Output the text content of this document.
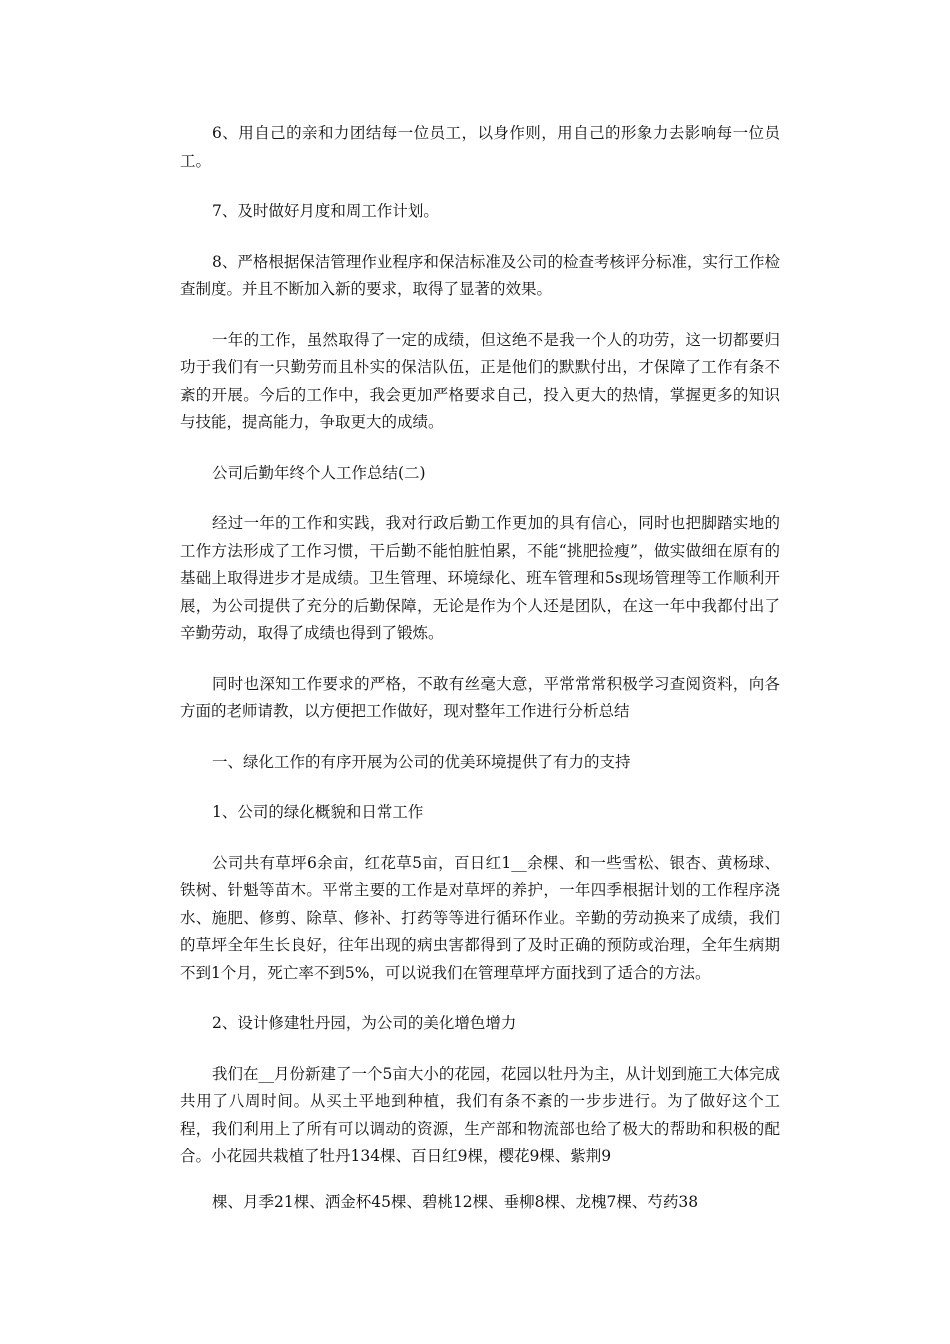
6、用自己的亲和力团结每一位员工，以身作则，用自己的形象力去影响每一位员工。

7、及时做好月度和周工作计划。

8、严格根据保洁管理作业程序和保洁标准及公司的检查考核评分标准，实行工作检查制度。并且不断加入新的要求，取得了显著的效果。

一年的工作，虽然取得了一定的成绩，但这绝不是我一个人的功劳，这一切都要归功于我们有一只勤劳而且朴实的保洁队伍，正是他们的默默付出，才保障了工作有条不紊的开展。今后的工作中，我会更加严格要求自己，投入更大的热情，掌握更多的知识与技能，提高能力，争取更大的成绩。

公司后勤年终个人工作总结(二)

经过一年的工作和实践，我对行政后勤工作更加的具有信心，同时也把脚踏实地的工作方法形成了工作习惯，干后勤不能怕脏怕累，不能“挑肥捡瘦”，做实做细在原有的基础上取得进步才是成绩。卫生管理、环境绿化、班车管理和5s现场管理等工作顺利开展，为公司提供了充分的后勤保障，无论是作为个人还是团队，在这一年中我都付出了辛勤劳动，取得了成绩也得到了锻炼。

同时也深知工作要求的严格，不敢有丝毫大意，平常常常积极学习查阅资料，向各方面的老师请教，以方便把工作做好，现对整年工作进行分析总结

一、绿化工作的有序开展为公司的优美环境提供了有力的支持

1、公司的绿化概貌和日常工作

公司共有草坪6余亩，红花草5亩，百日红1__余棵、和一些雪松、银杏、黄杨球、铁树、针魁等苗木。平常主要的工作是对草坪的养护，一年四季根据计划的工作程序浇水、施肥、修剪、除草、修补、打药等等进行循环作业。辛勤的劳动换来了成绩，我们的草坪全年生长良好，往年出现的病虫害都得到了及时正确的预防或治理，全年生病期不到1个月，死亡率不到5%，可以说我们在管理草坪方面找到了适合的方法。

2、设计修建牡丹园，为公司的美化增色增力

我们在__月份新建了一个5亩大小的花园，花园以牡丹为主，从计划到施工大体完成共用了八周时间。从买土平地到种植，我们有条不紊的一步步进行。为了做好这个工程，我们利用上了所有可以调动的资源，生产部和物流部也给了极大的帮助和积极的配合。小花园共栽植了牡丹134棵、百日红9棵，樱花9棵、紫荆9

棵、月季21棵、洒金杯45棵、碧桃12棵、垂柳8棵、龙槐7棵、芍药38
